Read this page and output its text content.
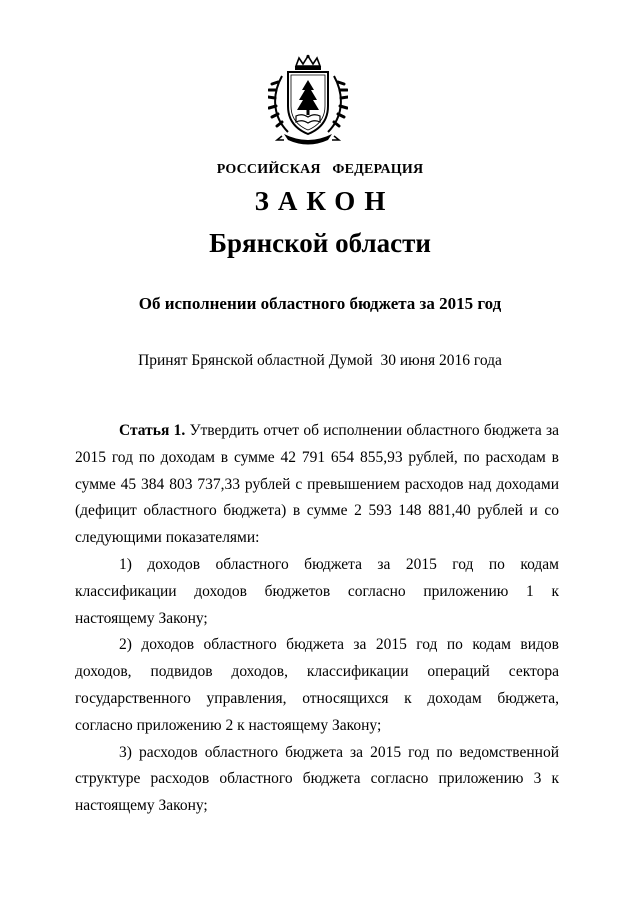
РОССИЙСКАЯ ФЕДЕРАЦИЯ
ЗАКОН
Брянской области
Об исполнении областного бюджета за 2015 год
Принят Брянской областной Думой  30 июня 2016 года

Статья 1. Утвердить отчет об исполнении областного бюджета за 2015 год по доходам в сумме 42 791 654 855,93 рублей, по расходам в сумме 45 384 803 737,33 рублей с превышением расходов над доходами (дефицит областного бюджета) в сумме 2 593 148 881,40 рублей и со следующими показателями:

1) доходов областного бюджета за 2015 год по кодам классификации доходов бюджетов согласно приложению 1 к настоящему Закону;

2) доходов областного бюджета за 2015 год по кодам видов доходов, подвидов доходов, классификации операций сектора государственного управления, относящихся к доходам бюджета, согласно приложению 2 к настоящему Закону;

3) расходов областного бюджета за 2015 год по ведомственной структуре расходов областного бюджета согласно приложению 3 к настоящему Закону;
